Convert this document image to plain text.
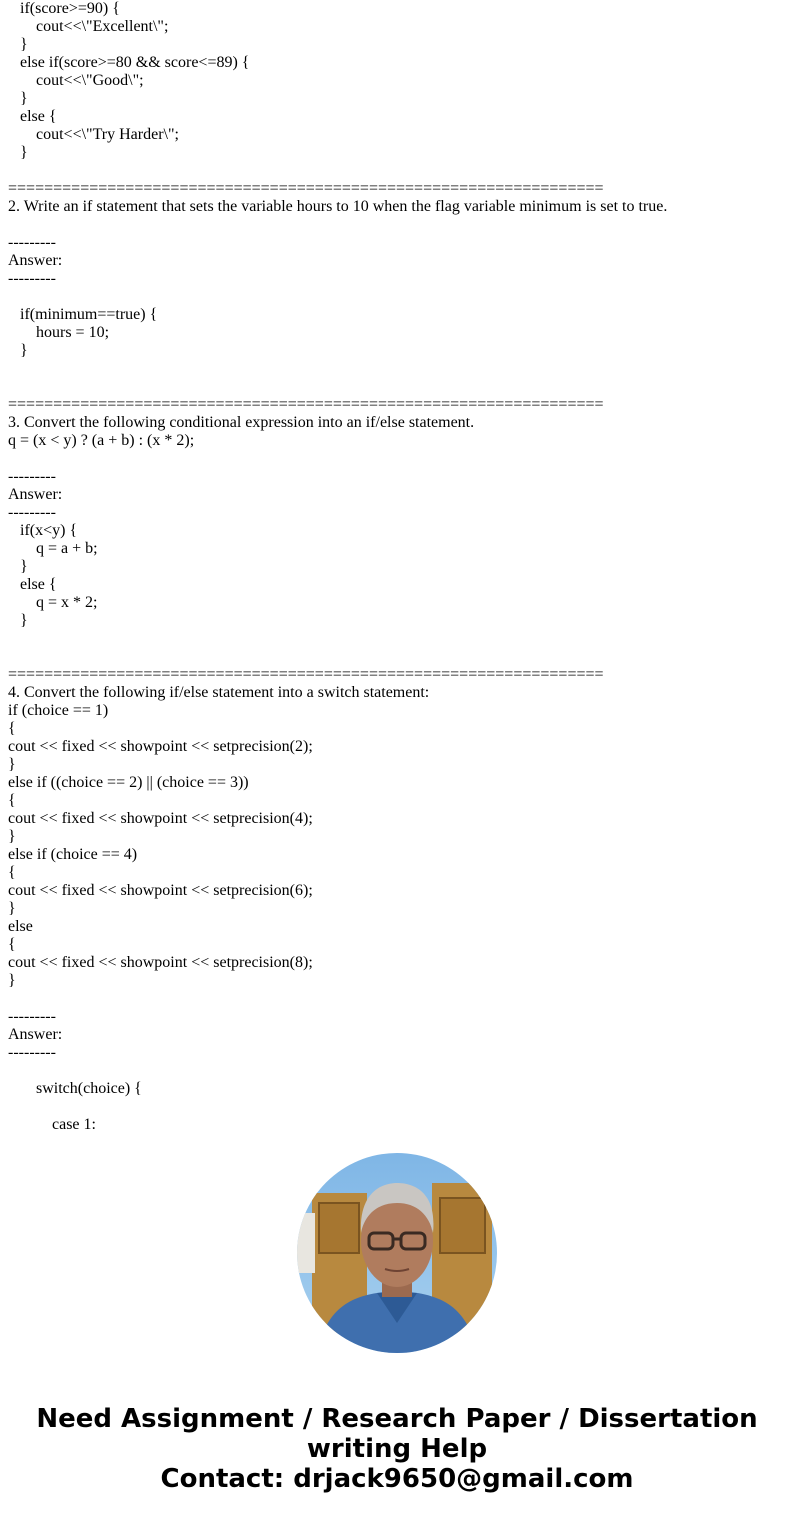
if(score>=90) {
cout<<\"Excellent\";
}
else if(score>=80 && score<=89) {
cout<<\"Good\";
}
else {
cout<<\"Try Harder\";
}
==================================================================
2. Write an if statement that sets the variable hours to 10 when the flag variable minimum is set to true.
---------
Answer:
---------
if(minimum==true) {
hours = 10;
}
==================================================================
3. Convert the following conditional expression into an if/else statement.
q = (x < y) ? (a + b) : (x * 2);
---------
Answer:
---------
if(x<y) {
q = a + b;
}
else {
q = x * 2;
}
==================================================================
4. Convert the following if/else statement into a switch statement:
if (choice == 1)
{
cout << fixed << showpoint << setprecision(2);
}
else if ((choice == 2) || (choice == 3))
{
cout << fixed << showpoint << setprecision(4);
}
else if (choice == 4)
{
cout << fixed << showpoint << setprecision(6);
}
else
{
cout << fixed << showpoint << setprecision(8);
}
---------
Answer:
---------
switch(choice) {
case 1:
Need Assignment / Research Paper / Dissertation
writing Help
Contact: drjack9650@gmail.com
